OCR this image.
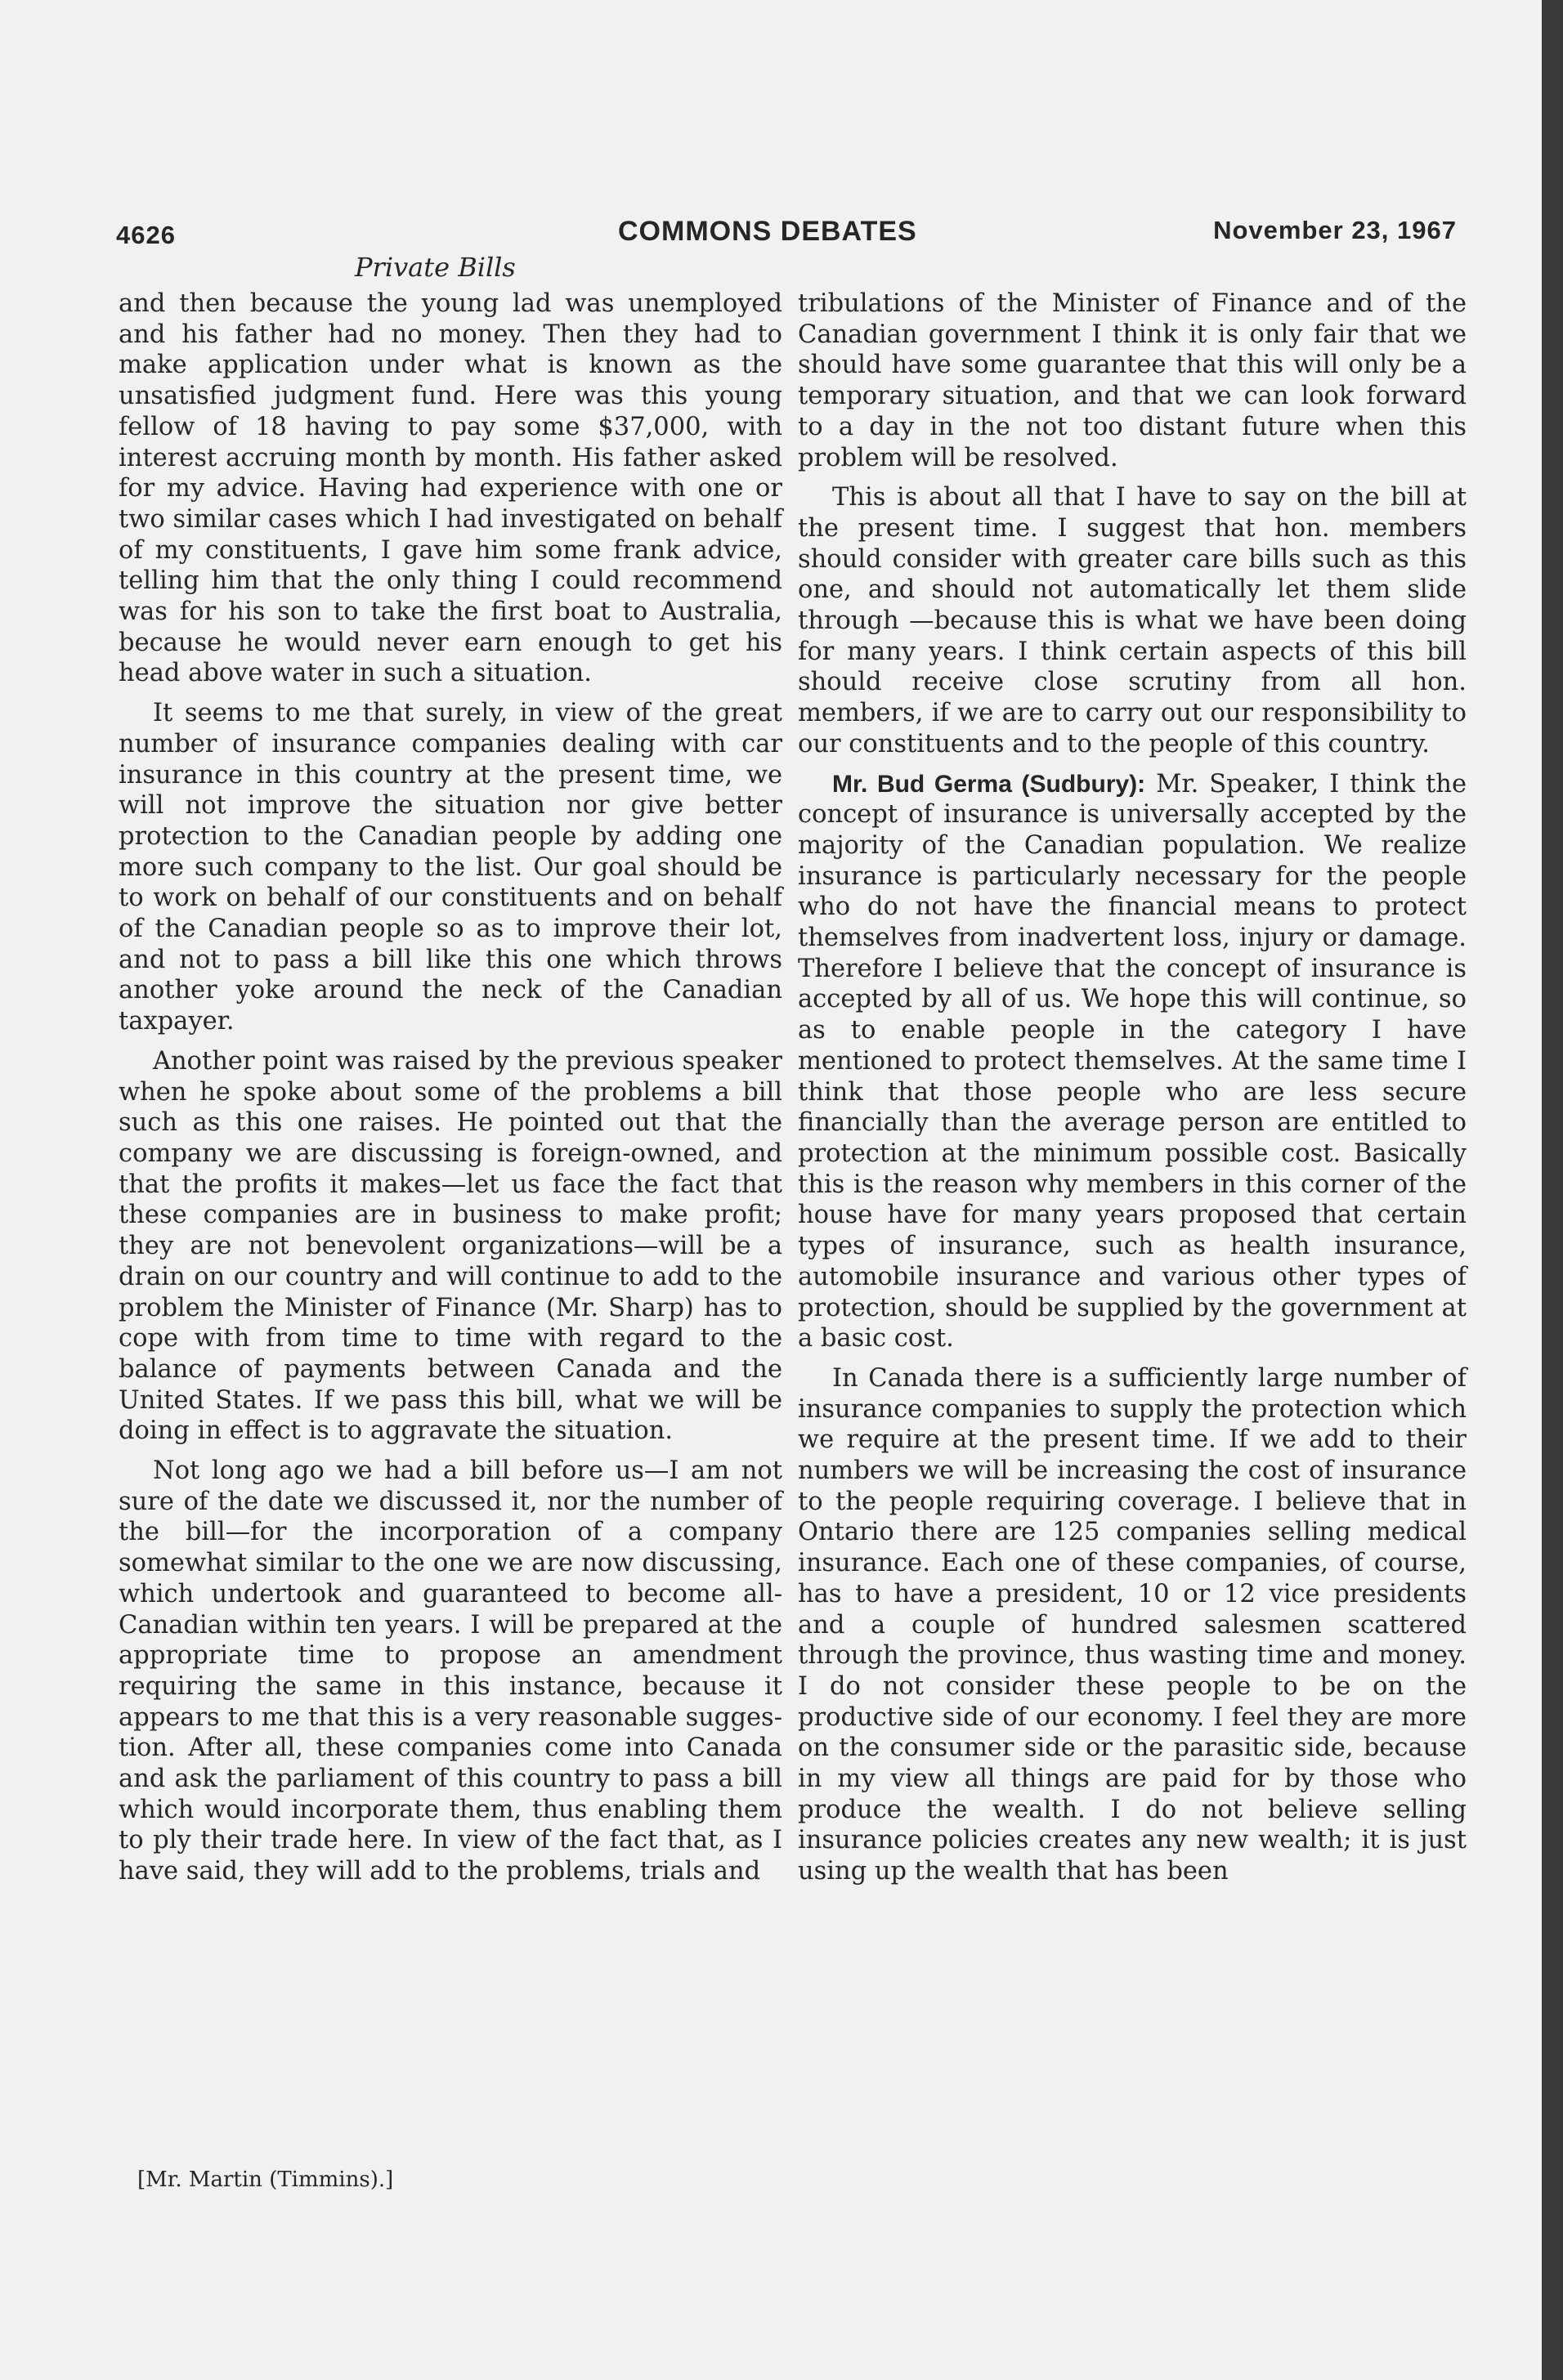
4626	COMMONS DEBATES	November 23, 1967
Private Bills

and then because the young lad was unemployed and his father had no money. Then they had to make application under what is known as the unsatisfied judgment fund. Here was this young fellow of 18 having to pay some $37,000, with interest accruing month by month. His father asked for my advice. Having had experience with one or two similar cases which I had investigated on behalf of my constituents, I gave him some frank advice, telling him that the only thing I could recommend was for his son to take the first boat to Australia, because he would never earn enough to get his head above water in such a situation.

It seems to me that surely, in view of the great number of insurance companies dealing with car insurance in this country at the present time, we will not improve the situation nor give better protection to the Canadian people by adding one more such company to the list. Our goal should be to work on behalf of our constituents and on behalf of the Canadian people so as to improve their lot, and not to pass a bill like this one which throws another yoke around the neck of the Canadian taxpayer.

Another point was raised by the previous speaker when he spoke about some of the problems a bill such as this one raises. He pointed out that the company we are discussing is foreign-owned, and that the profits it makes—let us face the fact that these companies are in business to make profit; they are not benevolent organizations—will be a drain on our country and will continue to add to the problem the Minister of Finance (Mr. Sharp) has to cope with from time to time with regard to the balance of payments between Canada and the United States. If we pass this bill, what we will be doing in effect is to aggravate the situation.

Not long ago we had a bill before us—I am not sure of the date we discussed it, nor the number of the bill—for the incorporation of a company somewhat similar to the one we are now discussing, which undertook and guaranteed to become all-Canadian within ten years. I will be prepared at the appropriate time to propose an amendment requiring the same in this instance, because it appears to me that this is a very reasonable suggestion. After all, these companies come into Canada and ask the parliament of this country to pass a bill which would incorporate them, thus enabling them to ply their trade here. In view of the fact that, as I have said, they will add to the problems, trials and

tribulations of the Minister of Finance and of the Canadian government I think it is only fair that we should have some guarantee that this will only be a temporary situation, and that we can look forward to a day in the not too distant future when this problem will be resolved.

This is about all that I have to say on the bill at the present time. I suggest that hon. members should consider with greater care bills such as this one, and should not automatically let them slide through —because this is what we have been doing for many years. I think certain aspects of this bill should receive close scrutiny from all hon. members, if we are to carry out our responsibility to our constituents and to the people of this country.

Mr. Bud Germa (Sudbury): Mr. Speaker, I think the concept of insurance is universally accepted by the majority of the Canadian population. We realize insurance is particularly necessary for the people who do not have the financial means to protect themselves from inadvertent loss, injury or damage. Therefore I believe that the concept of insurance is accepted by all of us. We hope this will continue, so as to enable people in the category I have mentioned to protect themselves. At the same time I think that those people who are less secure financially than the average person are entitled to protection at the minimum possible cost. Basically this is the reason why members in this corner of the house have for many years proposed that certain types of insurance, such as health insurance, automobile insurance and various other types of protection, should be supplied by the government at a basic cost.

In Canada there is a sufficiently large number of insurance companies to supply the protection which we require at the present time. If we add to their numbers we will be increasing the cost of insurance to the people requiring coverage. I believe that in Ontario there are 125 companies selling medical insurance. Each one of these companies, of course, has to have a president, 10 or 12 vice presidents and a couple of hundred salesmen scattered through the province, thus wasting time and money. I do not consider these people to be on the productive side of our economy. I feel they are more on the consumer side or the parasitic side, because in my view all things are paid for by those who produce the wealth. I do not believe selling insurance policies creates any new wealth; it is just using up the wealth that has been

[Mr. Martin (Timmins).]
